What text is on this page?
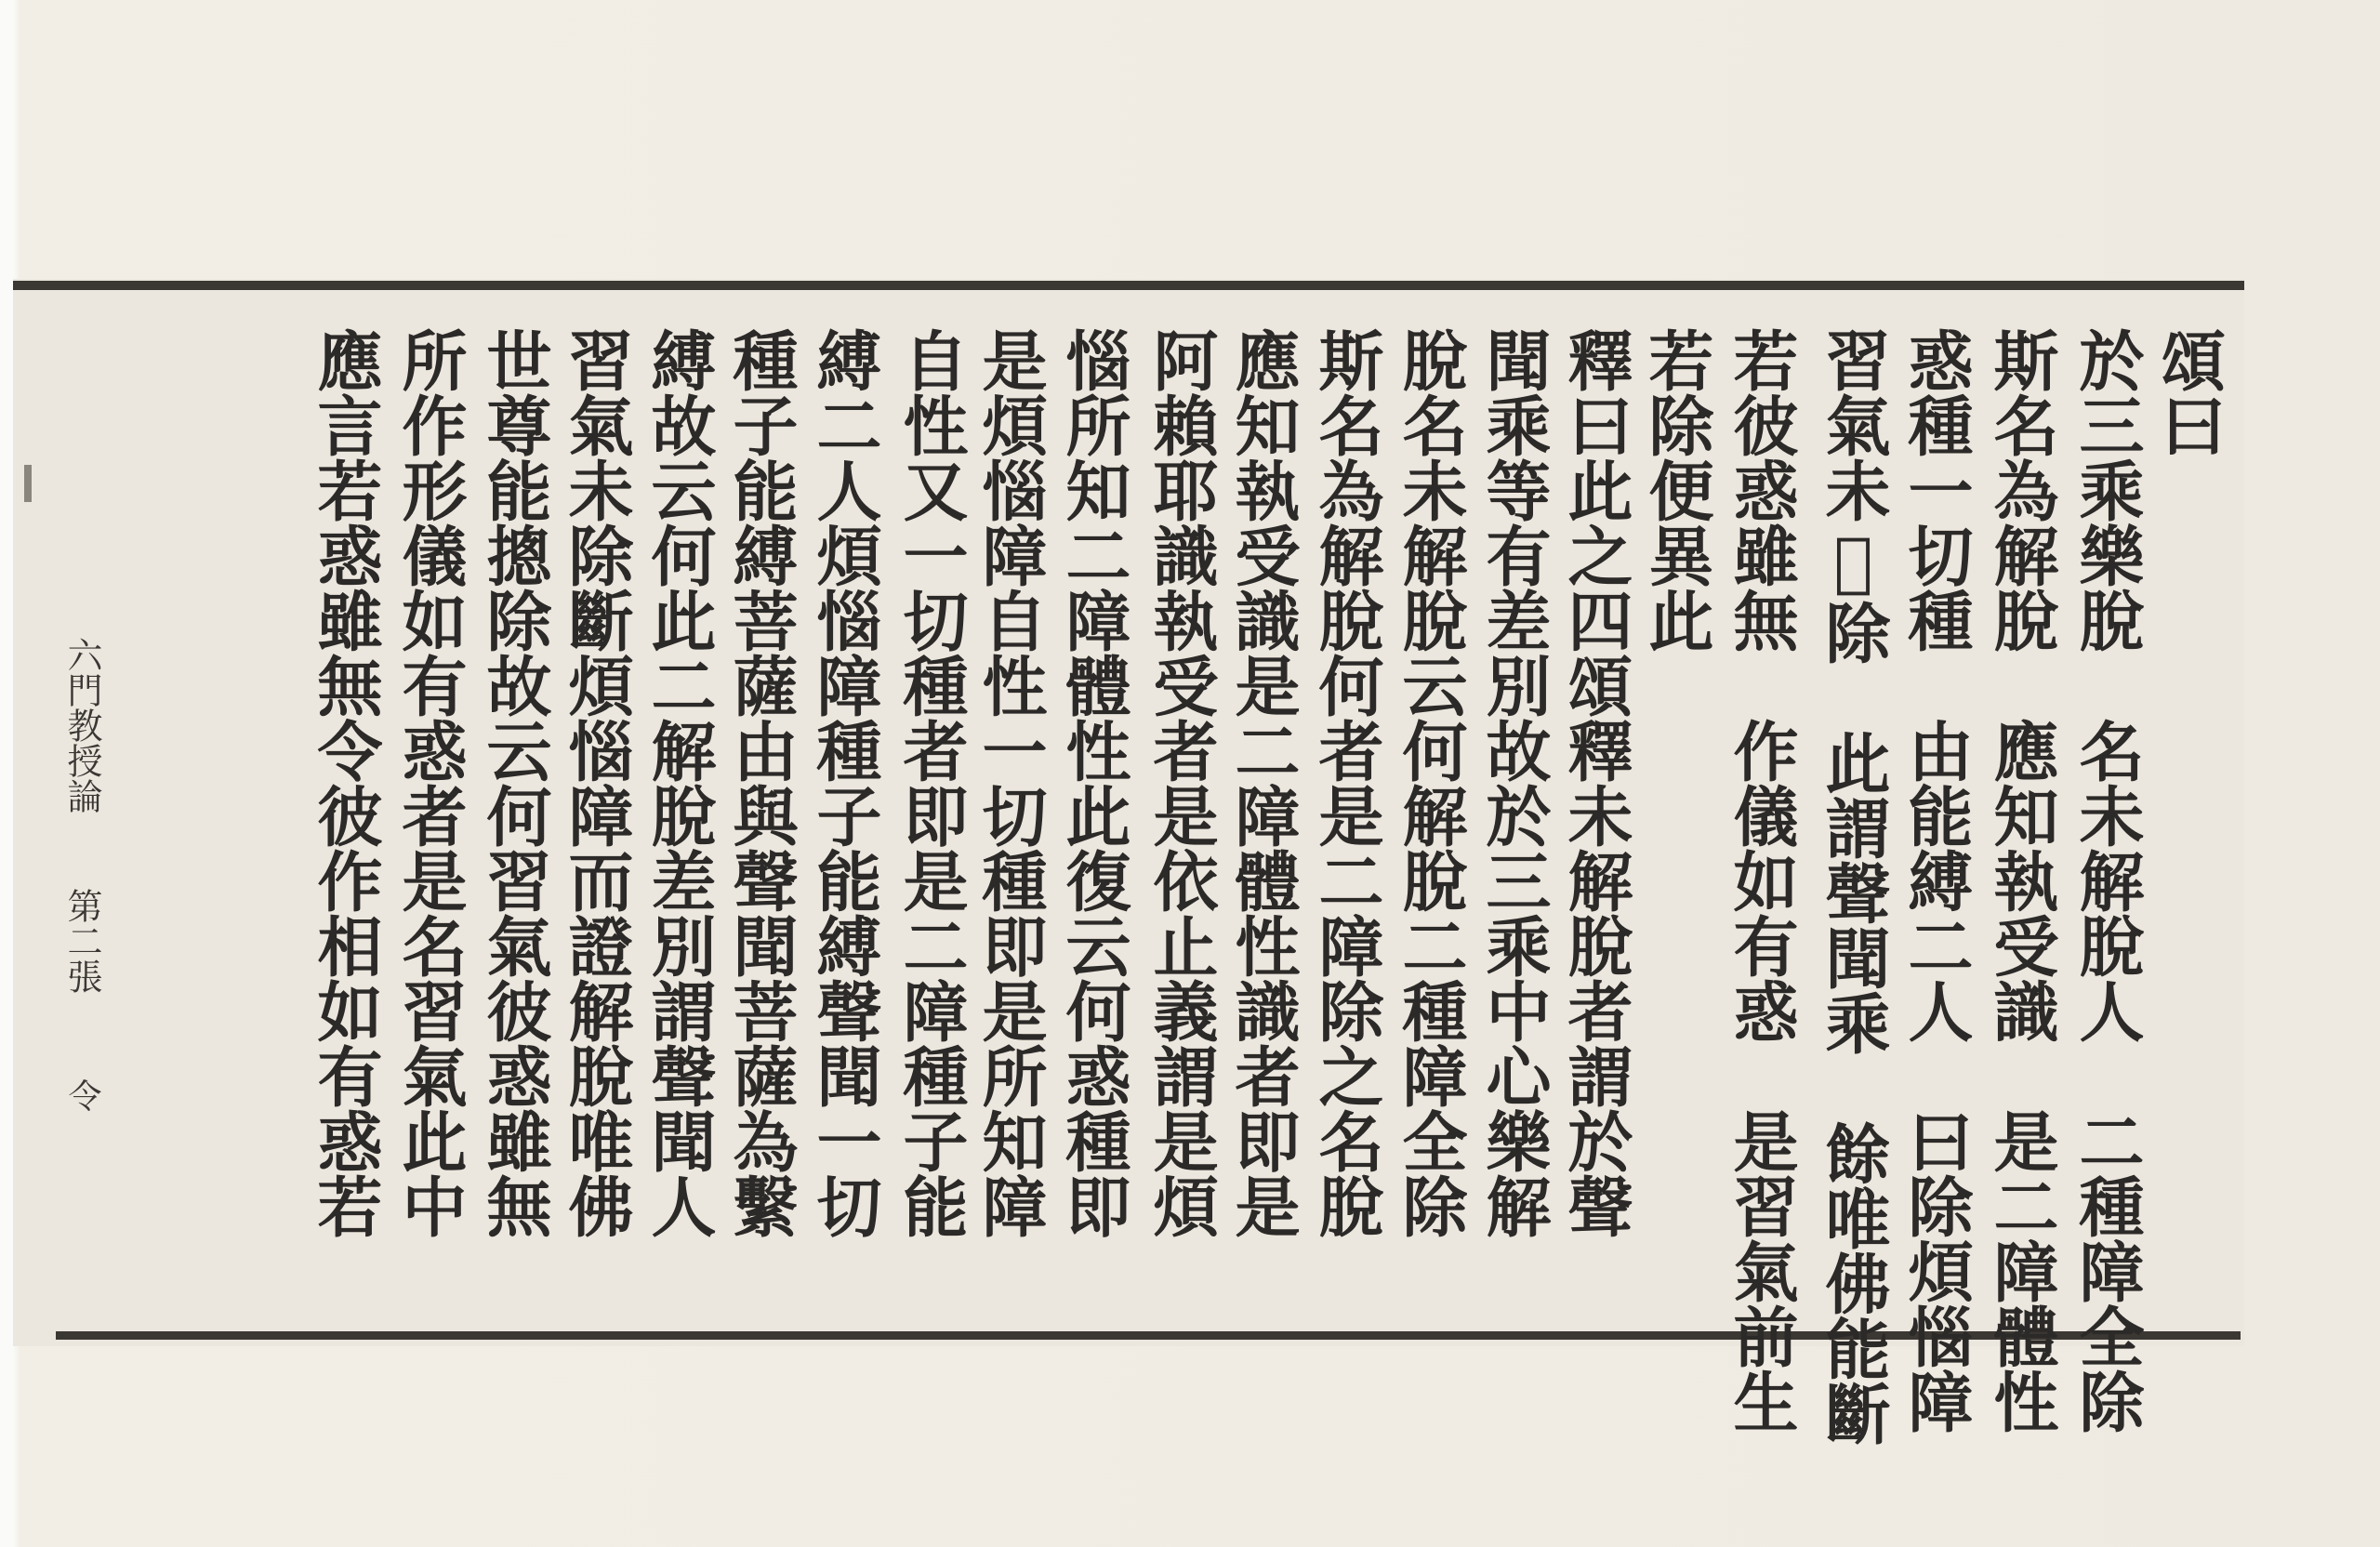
頌曰

於三乘樂脫　名未解脫人　二種障全除

斯名為解脫　應知執受識　是二障體性

惑種一切種　由能縛二人　曰除煩惱障

習氣未𦕝除　此謂聲聞乘　餘唯佛能斷

若彼惑雖無　作儀如有惑　是習氣前生

若除便異此

釋曰此之四頌釋未解脫者謂於聲

聞乘等有差別故於三乘中心樂解

脫名未解脫云何解脫二種障全除

斯名為解脫何者是二障除之名脫

應知執受識是二障體性識者即是

阿賴耶識執受者是依止義謂是煩

惱所知二障體性此復云何惑種即

是煩惱障自性一切種即是所知障

自性又一切種者即是二障種子能

縛二人煩惱障種子能縛聲聞一切

種子能縛菩薩由與聲聞菩薩為繫

縛故云何此二解脫差別謂聲聞人

習氣未除斷煩惱障而證解脫唯佛

世尊能摠除故云何習氣彼惑雖無

所作形儀如有惑者是名習氣此中

應言若惑雖無令彼作相如有惑若

六門教授論

第二張

令
